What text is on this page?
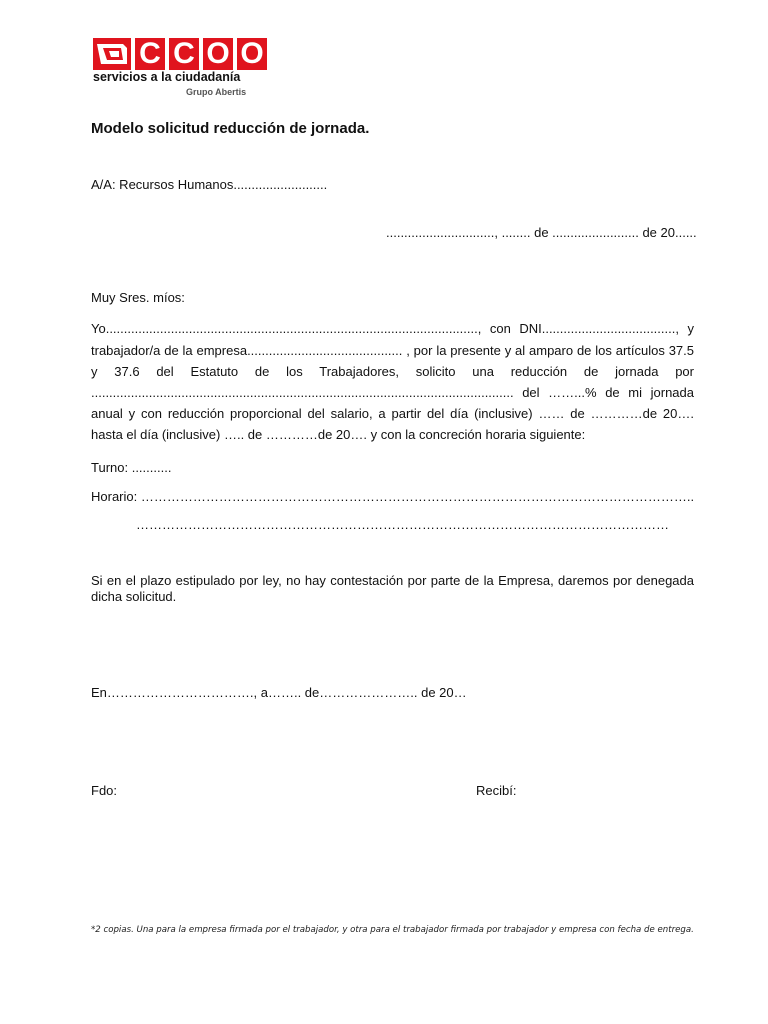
C C O O
servicios a la ciudadanía
Grupo Abertis
Modelo solicitud reducción de jornada.
A/A: Recursos Humanos..........................
.............................., ........ de ........................ de 20......
Muy Sres. míos:
Yo......................................................................................................., con DNI....................................., y
trabajador/a de la empresa........................................... , por la presente y al amparo de los artículos 37.5
y 37.6 del Estatuto de los Trabajadores, solicito una reducción de jornada por
..................................................................................................................... del ……...% de mi jornada
anual y con reducción proporcional del salario, a partir del día (inclusive) …… de …………de 20….
hasta el día (inclusive) ….. de …………de 20…. y con la concreción horaria siguiente:
Turno: ...........
Horario: ………………………………………………………………………………………………………………..
……………………………………………………………………………………………………………
Si en el plazo estipulado por ley, no hay contestación por parte de la Empresa, daremos por denegada
dicha solicitud.
En……………………………., a…….. de………………….. de 20…
Fdo:	Recibí:
*2 copias. Una para la empresa firmada por el trabajador, y otra para el trabajador firmada por trabajador y empresa con fecha de entrega.
